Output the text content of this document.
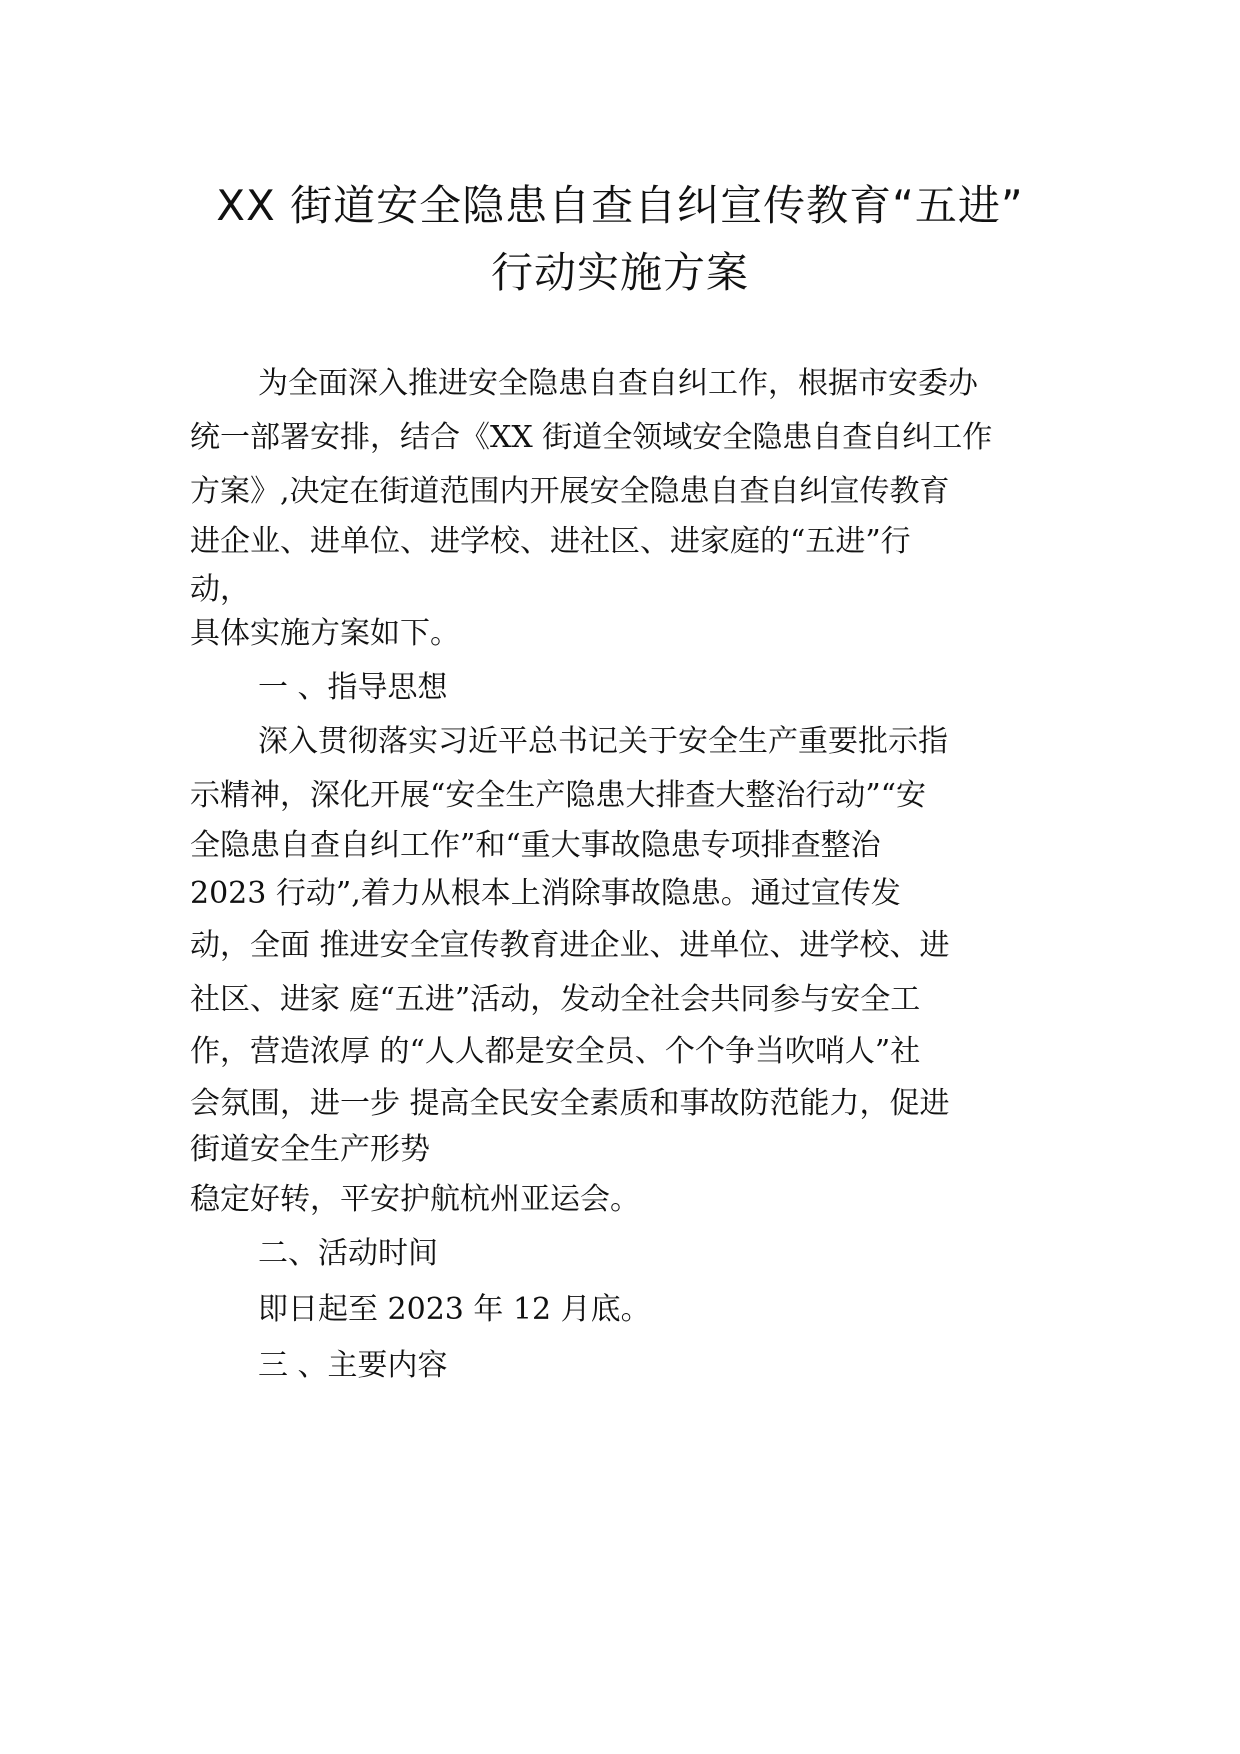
XX 街道安全隐患自查自纠宣传教育“五进”
行动实施方案
为全面深入推进安全隐患自查自纠工作，根据市安委办
统一部署安排，结合《XX 街道全领域安全隐患自查自纠工作
方案》,决定在街道范围内开展安全隐患自查自纠宣传教育
进企业、进单位、进学校、进社区、进家庭的“五进”行
动，
具体实施方案如下。
一 、指导思想
深入贯彻落实习近平总书记关于安全生产重要批示指
示精神，深化开展“安全生产隐患大排查大整治行动”“安
全隐患自查自纠工作”和“重大事故隐患专项排查整治
2023 行动”,着力从根本上消除事故隐患。通过宣传发
动，全面 推进安全宣传教育进企业、进单位、进学校、进
社区、进家 庭“五进”活动，发动全社会共同参与安全工
作，营造浓厚 的“人人都是安全员、个个争当吹哨人”社
会氛围，进一步 提高全民安全素质和事故防范能力，促进
街道安全生产形势
稳定好转，平安护航杭州亚运会。
二、活动时间
即日起至 2023 年 12 月底。
三 、主要内容
